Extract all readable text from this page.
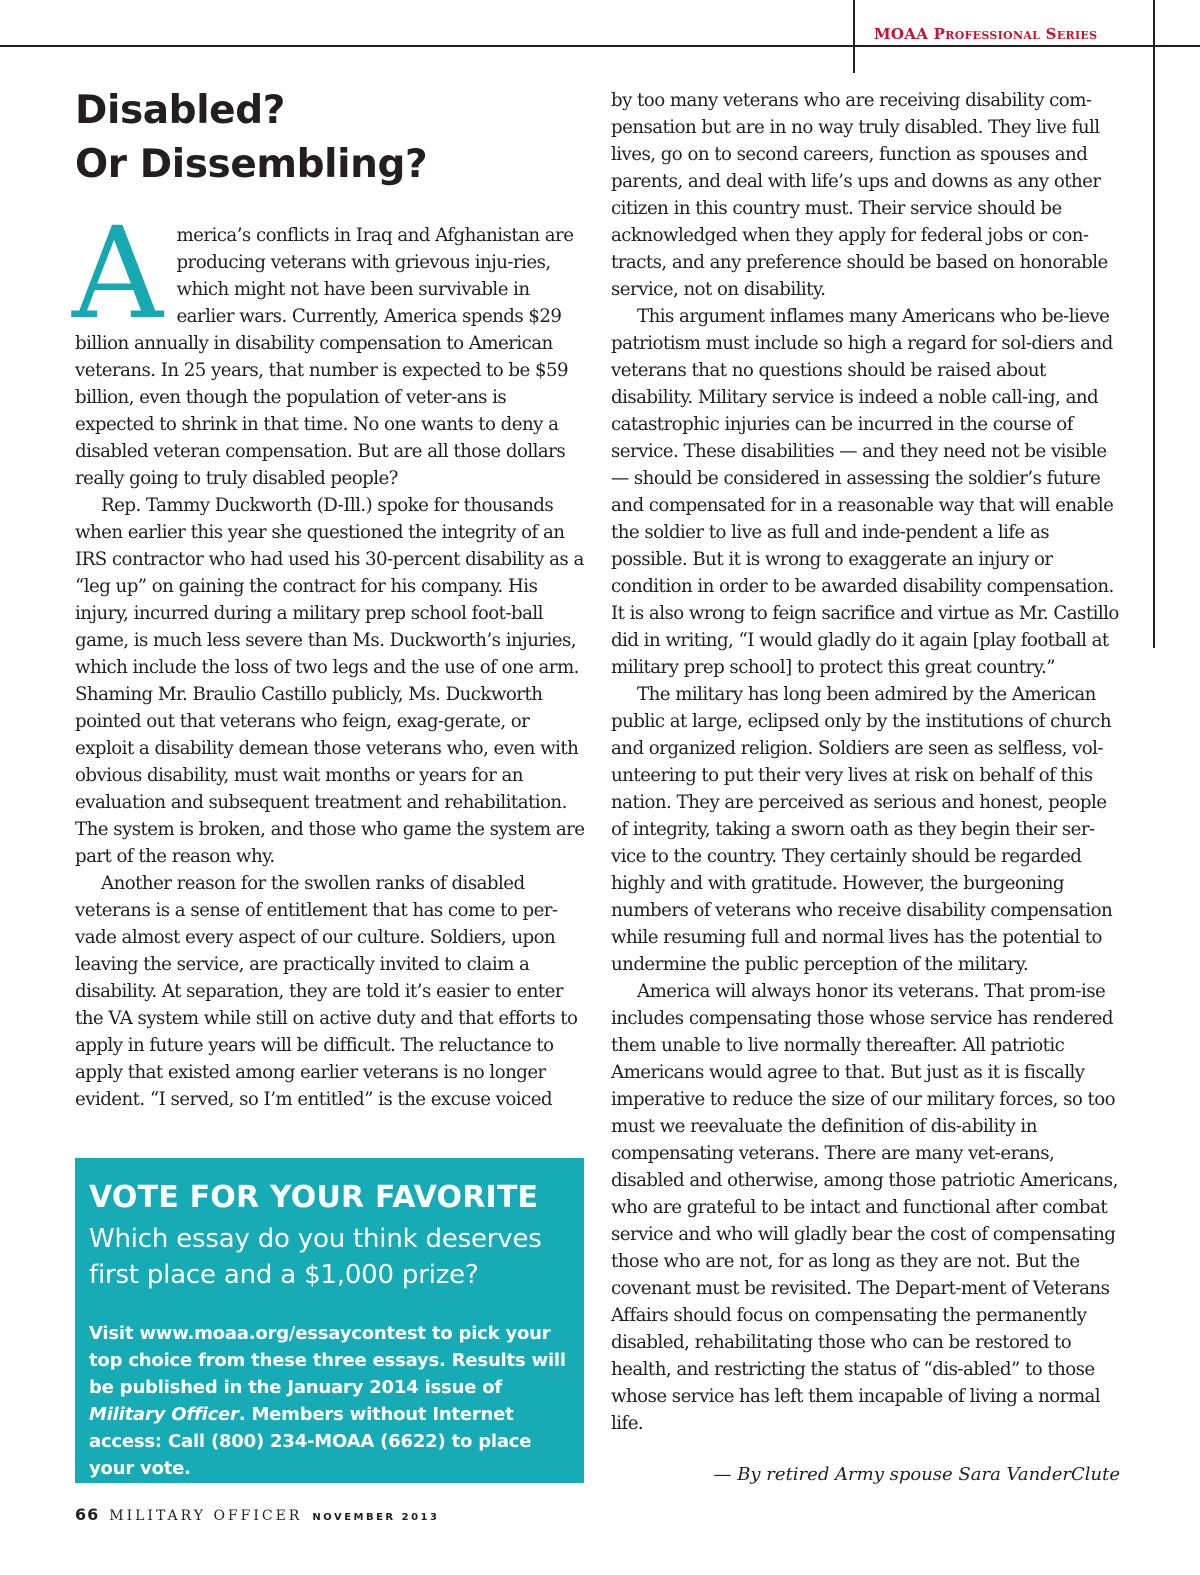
MOAA Professional Series
Disabled?
Or Dissembling?

America’s conflicts in Iraq and Afghanistan are producing veterans with grievous inju-ries, which might not have been survivable in earlier wars. Currently, America spends $29 billion annually in disability compensation to American veterans. In 25 years, that number is expected to be $59 billion, even though the population of veter-ans is expected to shrink in that time. No one wants to deny a disabled veteran compensation. But are all those dollars really going to truly disabled people?

Rep. Tammy Duckworth (D-Ill.) spoke for thousands when earlier this year she questioned the integrity of an IRS contractor who had used his 30-percent disability as a “leg up” on gaining the contract for his company. His injury, incurred during a military prep school foot-ball game, is much less severe than Ms. Duckworth’s injuries, which include the loss of two legs and the use of one arm. Shaming Mr. Braulio Castillo publicly, Ms. Duckworth pointed out that veterans who feign, exag-gerate, or exploit a disability demean those veterans who, even with obvious disability, must wait months or years for an evaluation and subsequent treatment and rehabilitation. The system is broken, and those who game the system are part of the reason why.

Another reason for the swollen ranks of disabled veterans is a sense of entitlement that has come to per-vade almost every aspect of our culture. Soldiers, upon leaving the service, are practically invited to claim a disability. At separation, they are told it’s easier to enter the VA system while still on active duty and that efforts to apply in future years will be difficult. The reluctance to apply that existed among earlier veterans is no longer evident. “I served, so I’m entitled” is the excuse voiced

VOTE FOR YOUR FAVORITE
Which essay do you think deserves first place and a $1,000 prize?
Visit www.moaa.org/essaycontest to pick your top choice from these three essays. Results will be published in the January 2014 issue of Military Officer. Members without Internet access: Call (800) 234-MOAA (6622) to place your vote.

by too many veterans who are receiving disability com-pensation but are in no way truly disabled. They live full lives, go on to second careers, function as spouses and parents, and deal with life’s ups and downs as any other citizen in this country must. Their service should be acknowledged when they apply for federal jobs or con-tracts, and any preference should be based on honorable service, not on disability.

This argument inflames many Americans who be-lieve patriotism must include so high a regard for sol-diers and veterans that no questions should be raised about disability. Military service is indeed a noble call-ing, and catastrophic injuries can be incurred in the course of service. These disabilities — and they need not be visible — should be considered in assessing the soldier’s future and compensated for in a reasonable way that will enable the soldier to live as full and inde-pendent a life as possible. But it is wrong to exaggerate an injury or condition in order to be awarded disability compensation. It is also wrong to feign sacrifice and virtue as Mr. Castillo did in writing, “I would gladly do it again [play football at military prep school] to protect this great country.”

The military has long been admired by the American public at large, eclipsed only by the institutions of church and organized religion. Soldiers are seen as selfless, vol-unteering to put their very lives at risk on behalf of this nation. They are perceived as serious and honest, people of integrity, taking a sworn oath as they begin their ser-vice to the country. They certainly should be regarded highly and with gratitude. However, the burgeoning numbers of veterans who receive disability compensation while resuming full and normal lives has the potential to undermine the public perception of the military.

America will always honor its veterans. That prom-ise includes compensating those whose service has rendered them unable to live normally thereafter. All patriotic Americans would agree to that. But just as it is fiscally imperative to reduce the size of our military forces, so too must we reevaluate the definition of dis-ability in compensating veterans. There are many vet-erans, disabled and otherwise, among those patriotic Americans, who are grateful to be intact and functional after combat service and who will gladly bear the cost of compensating those who are not, for as long as they are not. But the covenant must be revisited. The Depart-ment of Veterans Affairs should focus on compensating the permanently disabled, rehabilitating those who can be restored to health, and restricting the status of “dis-abled” to those whose service has left them incapable of living a normal life.

— By retired Army spouse Sara VanderClute
66 MILITARY OFFICER NOVEMBER 2013
